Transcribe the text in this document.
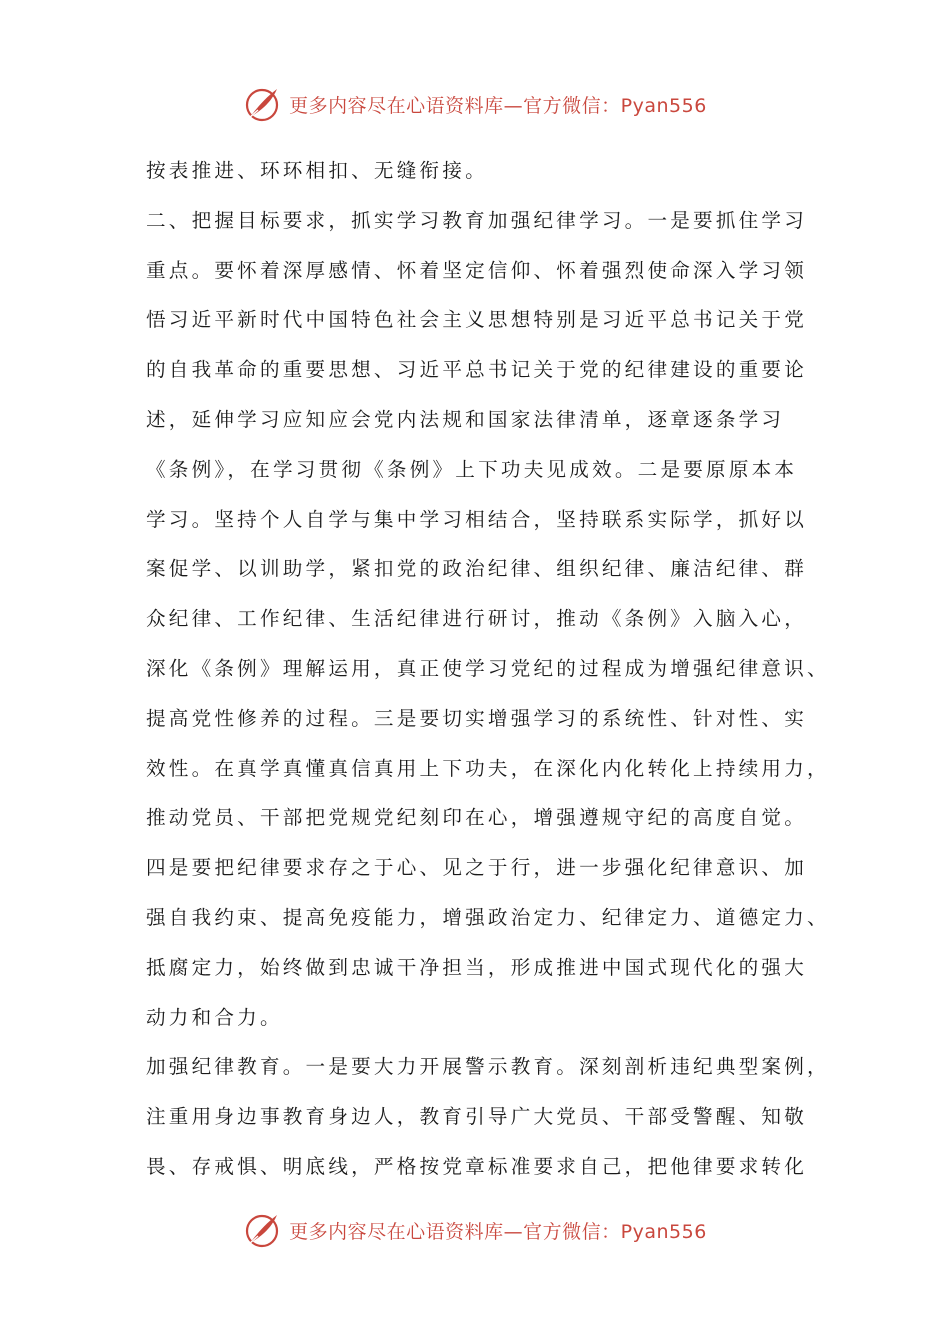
更多内容尽在心语资料库—官方微信：Pyan556
按表推进、环环相扣、无缝衔接。
二、把握目标要求，抓实学习教育加强纪律学习。一是要抓住学习
重点。要怀着深厚感情、怀着坚定信仰、怀着强烈使命深入学习领
悟习近平新时代中国特色社会主义思想特别是习近平总书记关于党
的自我革命的重要思想、习近平总书记关于党的纪律建设的重要论
述，延伸学习应知应会党内法规和国家法律清单，逐章逐条学习
《条例》，在学习贯彻《条例》上下功夫见成效。二是要原原本本
学习。坚持个人自学与集中学习相结合，坚持联系实际学，抓好以
案促学、以训助学，紧扣党的政治纪律、组织纪律、廉洁纪律、群
众纪律、工作纪律、生活纪律进行研讨，推动《条例》入脑入心，
深化《条例》理解运用，真正使学习党纪的过程成为增强纪律意识、
提高党性修养的过程。三是要切实增强学习的系统性、针对性、实
效性。在真学真懂真信真用上下功夫，在深化内化转化上持续用力，
推动党员、干部把党规党纪刻印在心，增强遵规守纪的高度自觉。
四是要把纪律要求存之于心、见之于行，进一步强化纪律意识、加
强自我约束、提高免疫能力，增强政治定力、纪律定力、道德定力、
抵腐定力，始终做到忠诚干净担当，形成推进中国式现代化的强大
动力和合力。
加强纪律教育。一是要大力开展警示教育。深刻剖析违纪典型案例，
注重用身边事教育身边人，教育引导广大党员、干部受警醒、知敬
畏、存戒惧、明底线，严格按党章标准要求自己，把他律要求转化
更多内容尽在心语资料库—官方微信：Pyan556
